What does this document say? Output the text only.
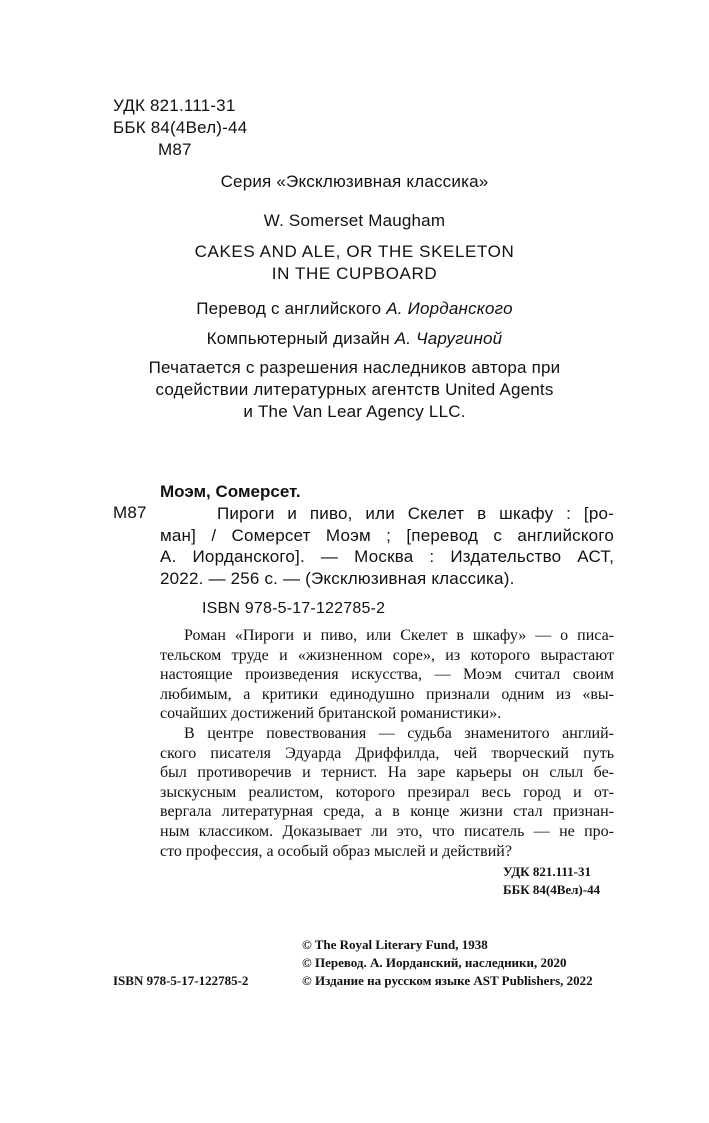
УДК 821.111-31
ББК 84(4Вел)-44
М87
Серия «Эксклюзивная классика»
W. Somerset Maugham
CAKES AND ALE, OR THE SKELETON
IN THE CUPBOARD
Перевод с английского А. Иорданского
Компьютерный дизайн А. Чаругиной
Печатается с разрешения наследников автора при
содействии литературных агентств United Agents
и The Van Lear Agency LLC.
Моэм, Сомерсет.
М87	Пироги и пиво, или Скелет в шкафу : [ро-
ман] / Сомерсет Моэм ; [перевод с английского
А. Иорданского]. — Москва : Издательство АСТ,
2022. — 256 с. — (Эксклюзивная классика).
ISBN 978-5-17-122785-2
Роман «Пироги и пиво, или Скелет в шкафу» — о писа-
тельском труде и «жизненном соре», из которого вырастают
настоящие произведения искусства, — Моэм считал своим
любимым, а критики единодушно признали одним из «вы-
сочайших достижений британской романистики».
В центре повествования — судьба знаменитого англий-
ского писателя Эдуарда Дриффилда, чей творческий путь
был противоречив и тернист. На заре карьеры он слыл бе-
зыскусным реалистом, которого презирал весь город и от-
вергала литературная среда, а в конце жизни стал признан-
ным классиком. Доказывает ли это, что писатель — не про-
сто профессия, а особый образ мыслей и действий?
УДК 821.111-31
ББК 84(4Вел)-44
© The Royal Literary Fund, 1938
© Перевод. А. Иорданский, наследники, 2020
© Издание на русском языке AST Publishers, 2022
ISBN 978-5-17-122785-2
